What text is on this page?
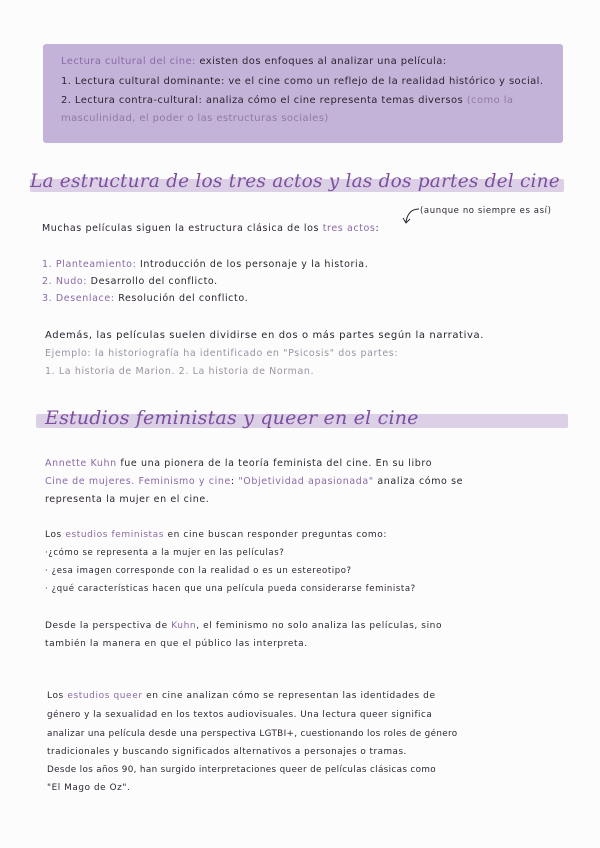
Lectura cultural del cine: existen dos enfoques al analizar una película:
1. Lectura cultural dominante: ve el cine como un reflejo de la realidad histórico y social.
2. Lectura contra-cultural: analiza cómo el cine representa temas diversos (como la
masculinidad, el poder o las estructuras sociales)
La estructura de los tres actos y las dos partes del cine
(aunque no siempre es así)
Muchas películas siguen la estructura clásica de los tres actos:
1. Planteamiento: Introducción de los personaje y la historia.
2. Nudo: Desarrollo del conflicto.
3. Desenlace: Resolución del conflicto.
Además, las películas suelen dividirse en dos o más partes según la narrativa.
Ejemplo: la historiografía ha identificado en "Psicosis" dos partes:
1. La historia de Marion. 2. La historia de Norman.
Estudios feministas y queer en el cine
Annette Kuhn fue una pionera de la teoría feminista del cine. En su libro
Cine de mujeres. Feminismo y cine: "Objetividad apasionada" analiza cómo se
representa la mujer en el cine.
Los estudios feministas en cine buscan responder preguntas como:
·¿cómo se representa a la mujer en las películas?
· ¿esa imagen corresponde con la realidad o es un estereotipo?
· ¿qué características hacen que una película pueda considerarse feminista?
Desde la perspectiva de Kuhn, el feminismo no solo analiza las películas, sino
también la manera en que el público las interpreta.
Los estudios queer en cine analizan cómo se representan las identidades de
género y la sexualidad en los textos audiovisuales. Una lectura queer significa
analizar una película desde una perspectiva LGTBI+, cuestionando los roles de género
tradicionales y buscando significados alternativos a personajes o tramas.
Desde los años 90, han surgido interpretaciones queer de películas clásicas como
"El Mago de Oz".
